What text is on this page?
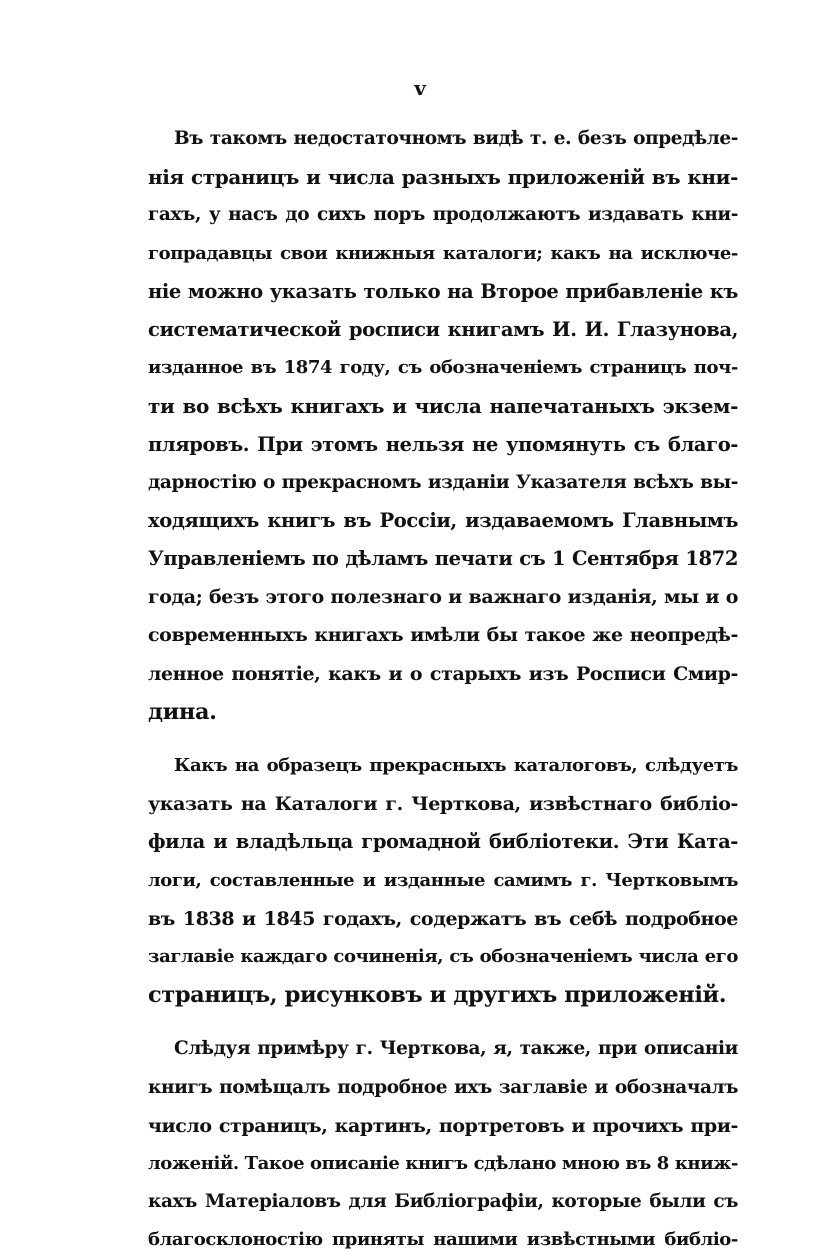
v
Въ такомъ недостаточномъ видѣ т. е. безъ опредѣле-
нія страницъ и числа разныхъ приложеній въ кни-
гахъ, у насъ до сихъ поръ продолжаютъ издавать кни-
гопрадавцы свои книжныя каталоги; какъ на исключе-
ніе можно указать только на Второе прибавленіе къ
систематической росписи книгамъ И. И. Глазунова,
изданное въ 1874 году, съ обозначеніемъ страницъ поч-
ти во всѣхъ книгахъ и числа напечатаныхъ экзем-
пляровъ. При этомъ нельзя не упомянуть съ благо-
дарностію о прекрасномъ изданіи Указателя всѣхъ вы-
ходящихъ книгъ въ Россіи, издаваемомъ Главнымъ
Управленіемъ по дѣламъ печати съ 1 Сентября 1872
года; безъ этого полезнаго и важнаго изданія, мы и о
современныхъ книгахъ имѣли бы такое же неопредѣ-
ленное понятіе, какъ и о старыхъ изъ Росписи Смир-
дина.
Какъ на образецъ прекрасныхъ каталоговъ, слѣдуетъ
указать на Каталоги г. Черткова, извѣстнаго библіо-
фила и владѣльца громадной библіотеки. Эти Ката-
логи, составленные и изданные самимъ г. Чертковымъ
въ 1838 и 1845 годахъ, содержатъ въ себѣ подробное
заглавіе каждаго сочиненія, съ обозначеніемъ числа его
страницъ, рисунковъ и другихъ приложеній.
Слѣдуя примѣру г. Черткова, я, также, при описаніи
книгъ помѣщалъ подробное ихъ заглавіе и обозначалъ
число страницъ, картинъ, портретовъ и прочихъ при-
ложеній. Такое описаніе книгъ сдѣлано мною въ 8 книж-
кахъ Матеріаловъ для Библіографіи, которые были съ
благосклоностію приняты нашими извѣстными библіо-
